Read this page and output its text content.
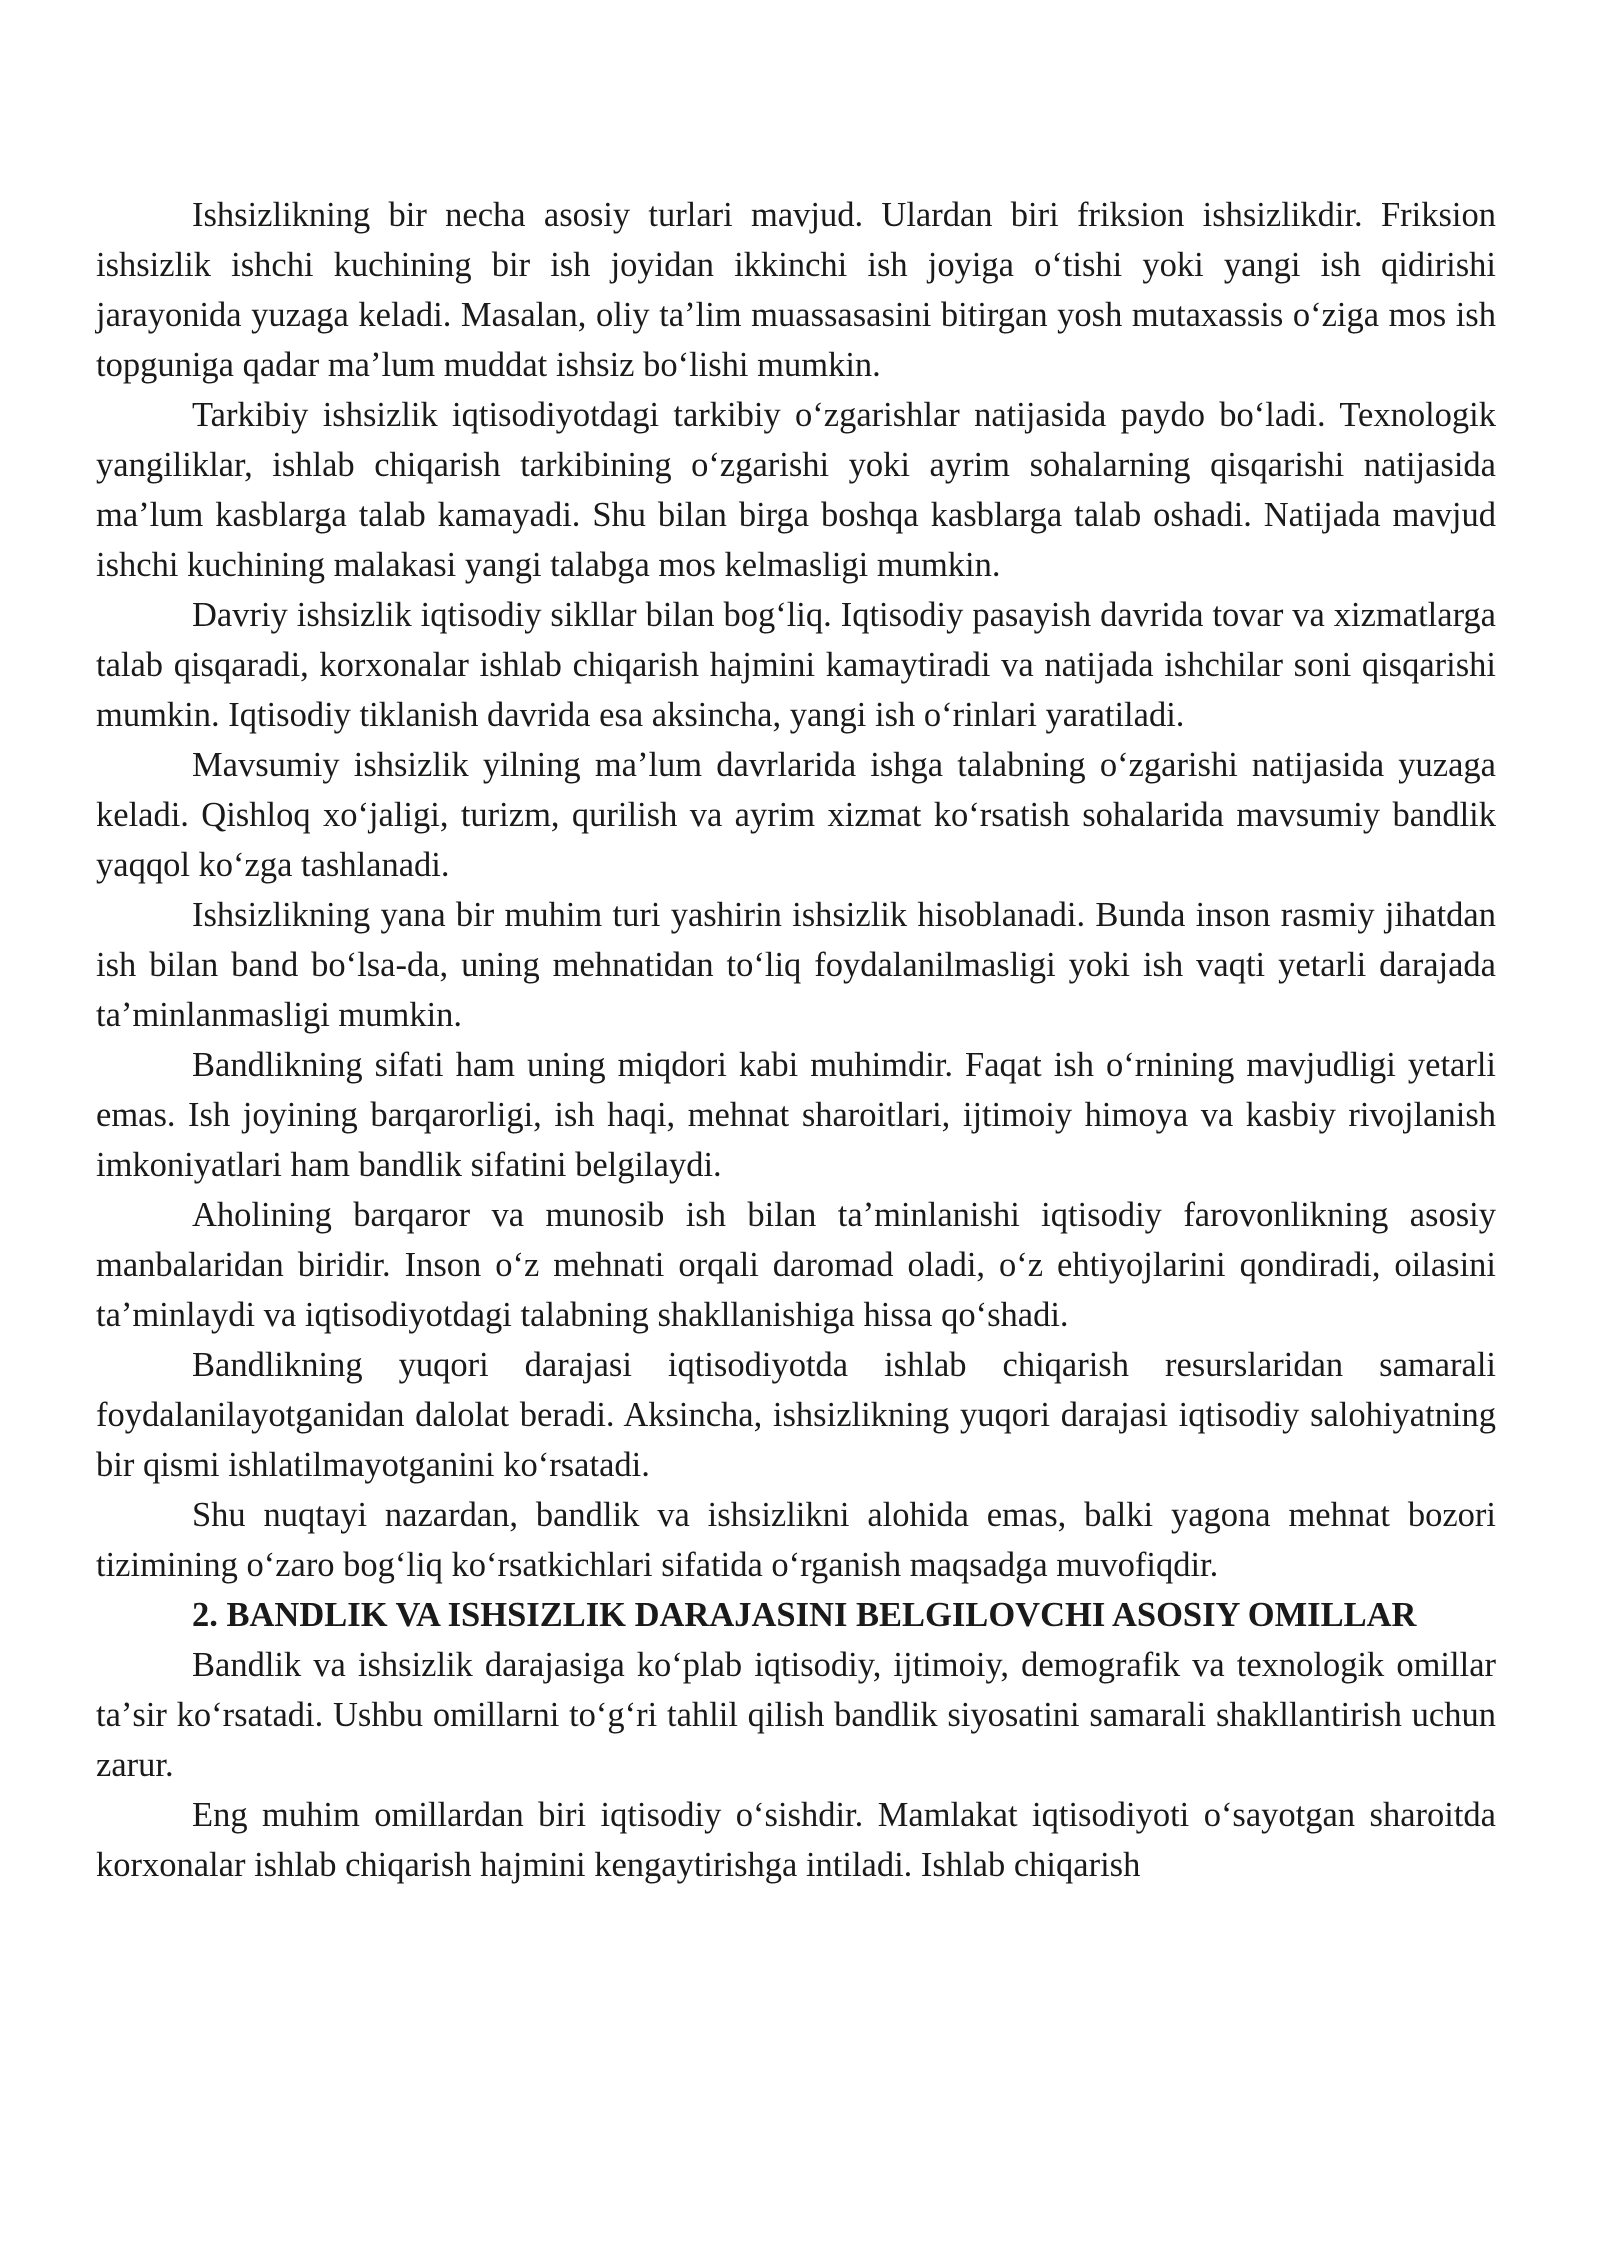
Ishsizlikning bir necha asosiy turlari mavjud. Ulardan biri friksion ishsizlikdir. Friksion ishsizlik ishchi kuchining bir ish joyidan ikkinchi ish joyiga oʻtishi yoki yangi ish qidirishi jarayonida yuzaga keladi. Masalan, oliy taʼlim muassasasini bitirgan yosh mutaxassis oʻziga mos ish topguniga qadar maʼlum muddat ishsiz boʻlishi mumkin.

Tarkibiy ishsizlik iqtisodiyotdagi tarkibiy oʻzgarishlar natijasida paydo boʻladi. Texnologik yangiliklar, ishlab chiqarish tarkibining oʻzgarishi yoki ayrim sohalarning qisqarishi natijasida maʼlum kasblarga talab kamayadi. Shu bilan birga boshqa kasblarga talab oshadi. Natijada mavjud ishchi kuchining malakasi yangi talabga mos kelmasligi mumkin.

Davriy ishsizlik iqtisodiy sikllar bilan bogʻliq. Iqtisodiy pasayish davrida tovar va xizmatlarga talab qisqaradi, korxonalar ishlab chiqarish hajmini kamaytiradi va natijada ishchilar soni qisqarishi mumkin. Iqtisodiy tiklanish davrida esa aksincha, yangi ish oʻrinlari yaratiladi.

Mavsumiy ishsizlik yilning maʼlum davrlarida ishga talabning oʻzgarishi natijasida yuzaga keladi. Qishloq xoʻjaligi, turizm, qurilish va ayrim xizmat koʻrsatish sohalarida mavsumiy bandlik yaqqol koʻzga tashlanadi.

Ishsizlikning yana bir muhim turi yashirin ishsizlik hisoblanadi. Bunda inson rasmiy jihatdan ish bilan band boʻlsa-da, uning mehnatidan toʻliq foydalanilmasligi yoki ish vaqti yetarli darajada taʼminlanmasligi mumkin.

Bandlikning sifati ham uning miqdori kabi muhimdir. Faqat ish oʻrnining mavjudligi yetarli emas. Ish joyining barqarorligi, ish haqi, mehnat sharoitlari, ijtimoiy himoya va kasbiy rivojlanish imkoniyatlari ham bandlik sifatini belgilaydi.

Aholining barqaror va munosib ish bilan taʼminlanishi iqtisodiy farovonlikning asosiy manbalaridan biridir. Inson oʻz mehnati orqali daromad oladi, oʻz ehtiyojlarini qondiradi, oilasini taʼminlaydi va iqtisodiyotdagi talabning shakllanishiga hissa qoʻshadi.

Bandlikning yuqori darajasi iqtisodiyotda ishlab chiqarish resurslaridan samarali foydalanilayotganidan dalolat beradi. Aksincha, ishsizlikning yuqori darajasi iqtisodiy salohiyatning bir qismi ishlatilmayotganini koʻrsatadi.

Shu nuqtayi nazardan, bandlik va ishsizlikni alohida emas, balki yagona mehnat bozori tizimining oʻzaro bogʻliq koʻrsatkichlari sifatida oʻrganish maqsadga muvofiqdir.

2. BANDLIK VA ISHSIZLIK DARAJASINI BELGILOVCHI ASOSIY OMILLAR

Bandlik va ishsizlik darajasiga koʻplab iqtisodiy, ijtimoiy, demografik va texnologik omillar taʼsir koʻrsatadi. Ushbu omillarni toʻgʻri tahlil qilish bandlik siyosatini samarali shakllantirish uchun zarur.

Eng muhim omillardan biri iqtisodiy oʻsishdir. Mamlakat iqtisodiyoti oʻsayotgan sharoitda korxonalar ishlab chiqarish hajmini kengaytirishga intiladi. Ishlab chiqarish
